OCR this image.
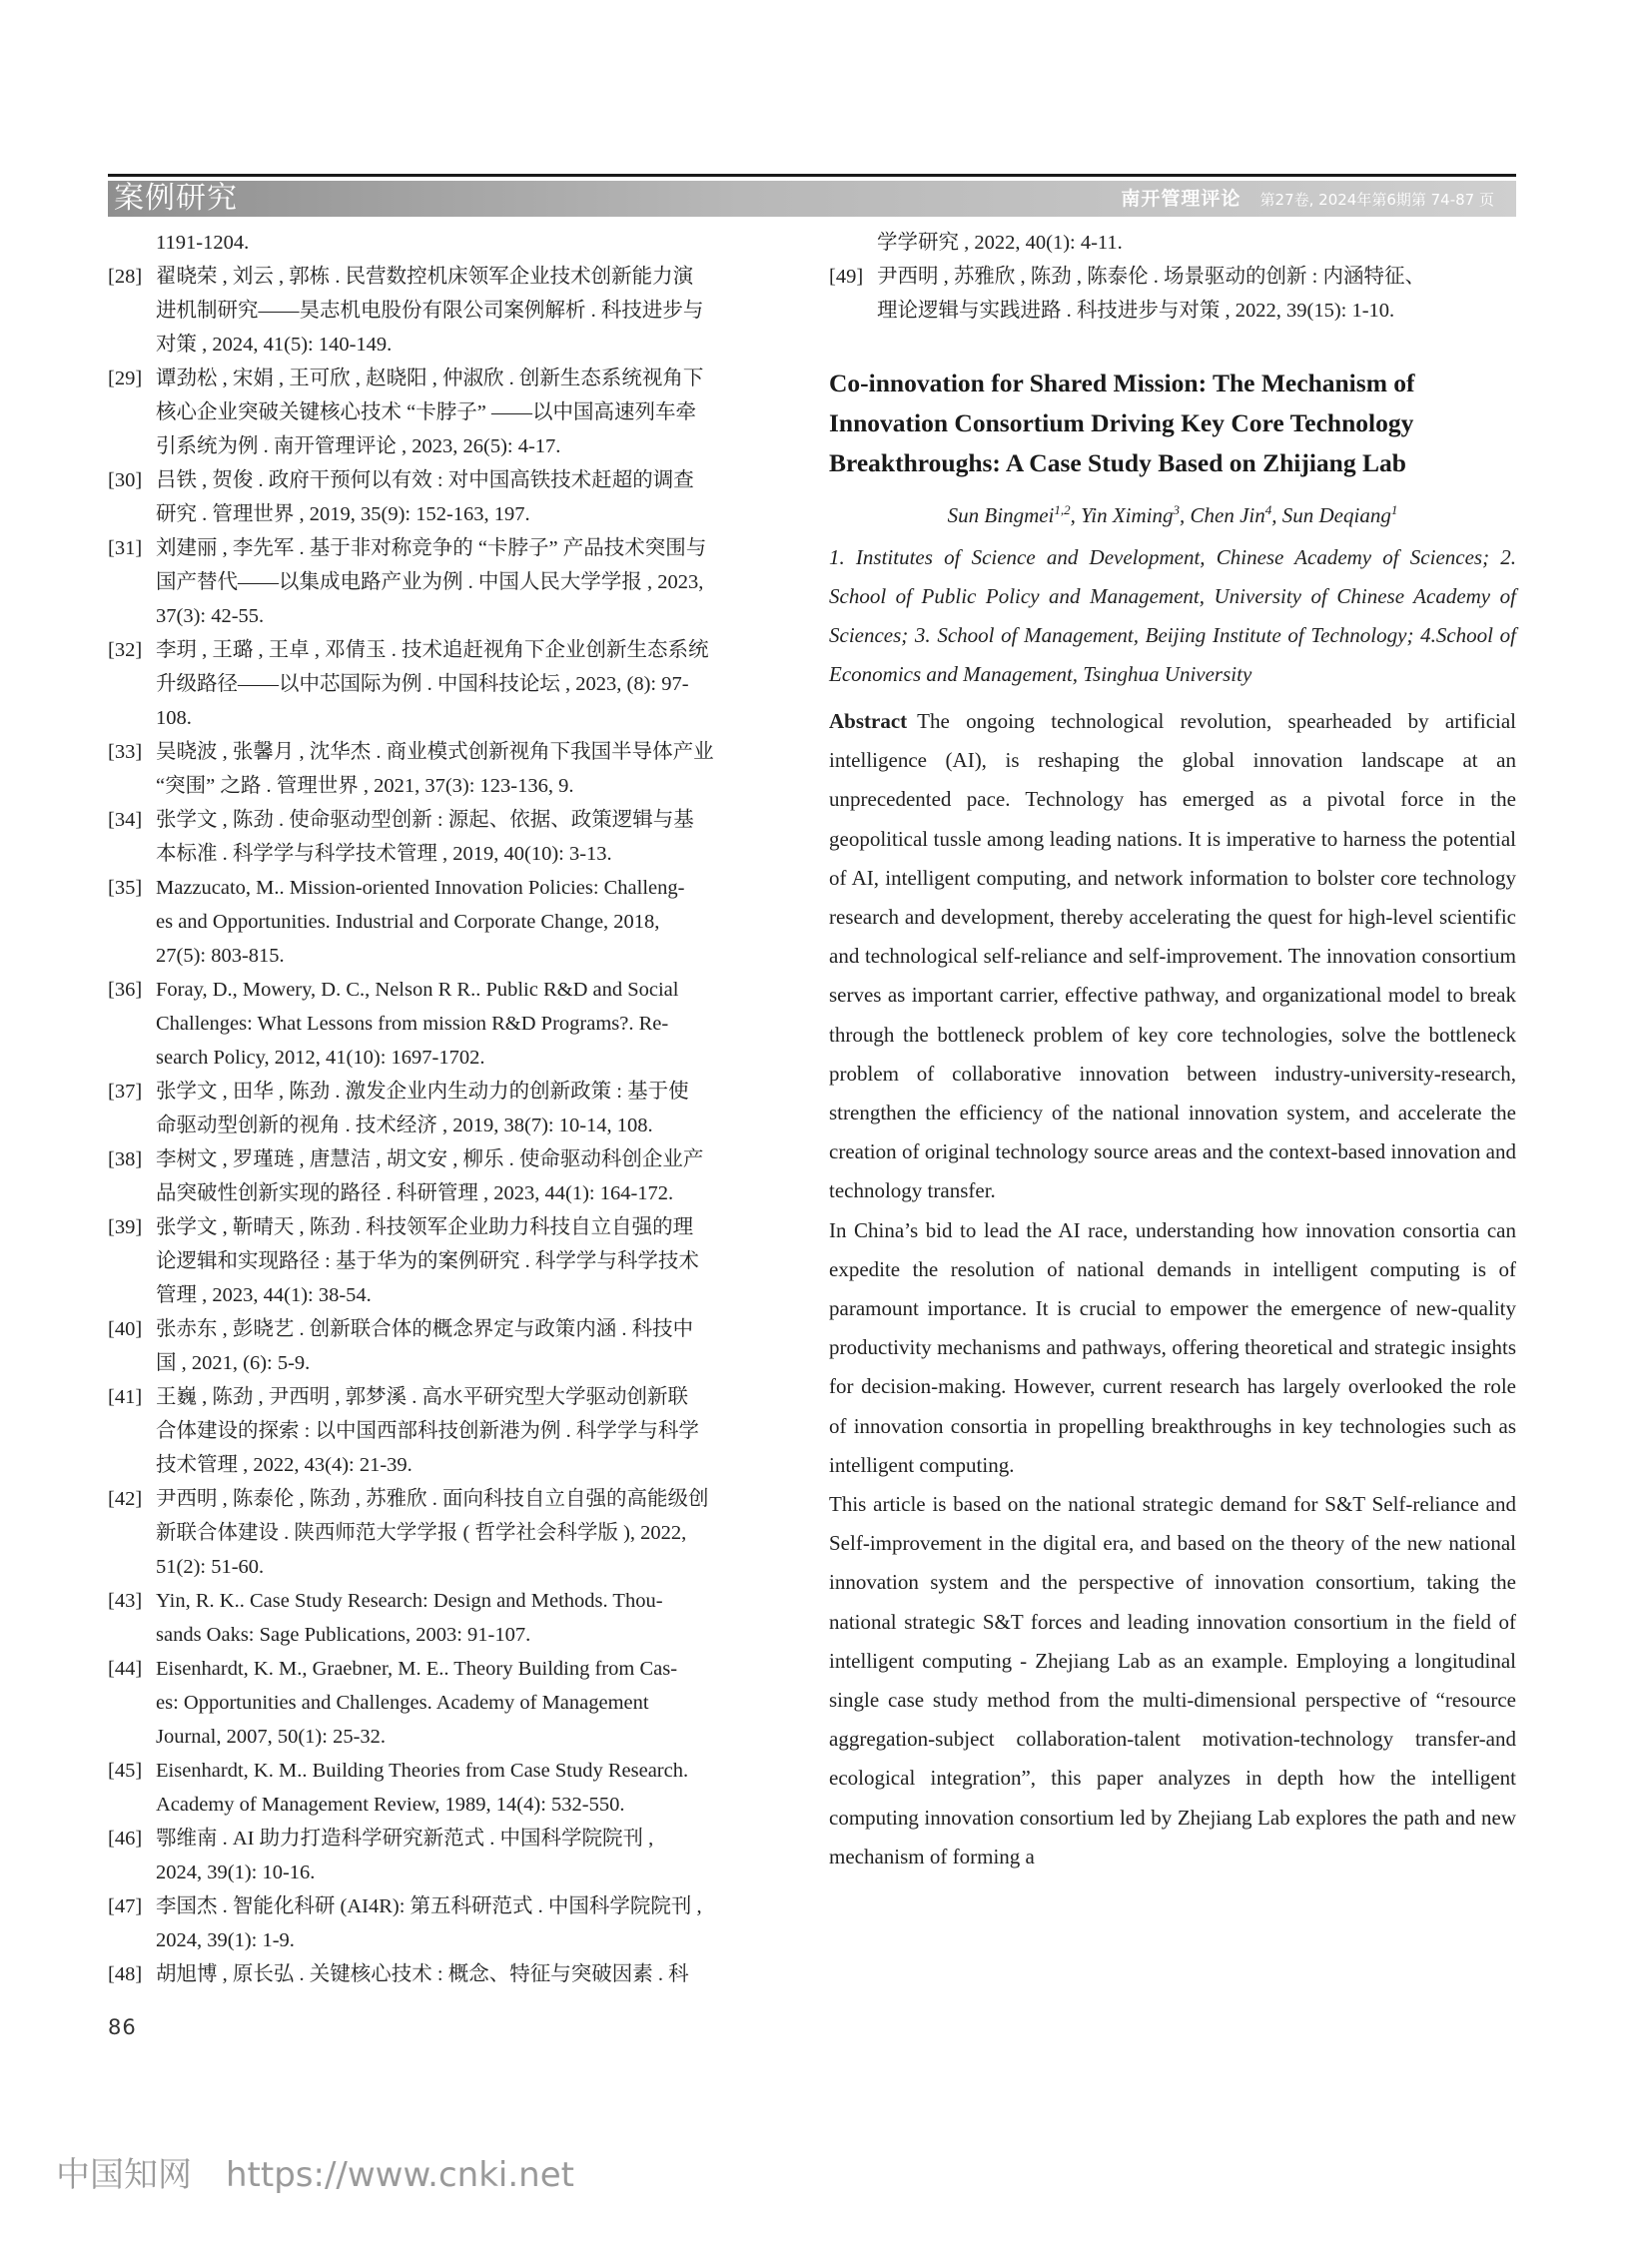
案例研究	南开管理评论 第27卷, 2024年第6期第 74-87 页
1191-1204.
[28] 翟晓荣 , 刘云 , 郭栋 . 民营数控机床领军企业技术创新能力演
进机制研究——昊志机电股份有限公司案例解析 . 科技进步与
对策 , 2024, 41(5): 140-149.
[29] 谭劲松 , 宋娟 , 王可欣 , 赵晓阳 , 仲淑欣 . 创新生态系统视角下
核心企业突破关键核心技术 “卡脖子” ——以中国高速列车牵
引系统为例 . 南开管理评论 , 2023, 26(5): 4-17.
[30] 吕铁 , 贺俊 . 政府干预何以有效 : 对中国高铁技术赶超的调查
研究 . 管理世界 , 2019, 35(9): 152-163, 197.
[31] 刘建丽 , 李先军 . 基于非对称竞争的 “卡脖子” 产品技术突围与
国产替代——以集成电路产业为例 . 中国人民大学学报 , 2023,
37(3): 42-55.
[32] 李玥 , 王璐 , 王卓 , 邓倩玉 . 技术追赶视角下企业创新生态系统
升级路径——以中芯国际为例 . 中国科技论坛 , 2023, (8): 97-
108.
[33] 吴晓波 , 张馨月 , 沈华杰 . 商业模式创新视角下我国半导体产业
“突围” 之路 . 管理世界 , 2021, 37(3): 123-136, 9.
[34] 张学文 , 陈劲 . 使命驱动型创新 : 源起、依据、政策逻辑与基
本标准 . 科学学与科学技术管理 , 2019, 40(10): 3-13.
[35] Mazzucato, M.. Mission-oriented Innovation Policies: Challeng-
es and Opportunities. Industrial and Corporate Change, 2018,
27(5): 803-815.
[36] Foray, D., Mowery, D. C., Nelson R R.. Public R&D and Social
Challenges: What Lessons from mission R&D Programs?. Re-
search Policy, 2012, 41(10): 1697-1702.
[37] 张学文 , 田华 , 陈劲 . 激发企业内生动力的创新政策 : 基于使
命驱动型创新的视角 . 技术经济 , 2019, 38(7): 10-14, 108.
[38] 李树文 , 罗瑾琏 , 唐慧洁 , 胡文安 , 柳乐 . 使命驱动科创企业产
品突破性创新实现的路径 . 科研管理 , 2023, 44(1): 164-172.
[39] 张学文 , 靳晴天 , 陈劲 . 科技领军企业助力科技自立自强的理
论逻辑和实现路径 : 基于华为的案例研究 . 科学学与科学技术
管理 , 2023, 44(1): 38-54.
[40] 张赤东 , 彭晓艺 . 创新联合体的概念界定与政策内涵 . 科技中
国 , 2021, (6): 5-9.
[41] 王巍 , 陈劲 , 尹西明 , 郭梦溪 . 高水平研究型大学驱动创新联
合体建设的探索 : 以中国西部科技创新港为例 . 科学学与科学
技术管理 , 2022, 43(4): 21-39.
[42] 尹西明 , 陈泰伦 , 陈劲 , 苏雅欣 . 面向科技自立自强的高能级创
新联合体建设 . 陕西师范大学学报 ( 哲学社会科学版 ), 2022,
51(2): 51-60.
[43] Yin, R. K.. Case Study Research: Design and Methods. Thou-
sands Oaks: Sage Publications, 2003: 91-107.
[44] Eisenhardt, K. M., Graebner, M. E.. Theory Building from Cas-
es: Opportunities and Challenges. Academy of Management
Journal, 2007, 50(1): 25-32.
[45] Eisenhardt, K. M.. Building Theories from Case Study Research.
Academy of Management Review, 1989, 14(4): 532-550.
[46] 鄂维南 . AI 助力打造科学研究新范式 . 中国科学院院刊 ,
2024, 39(1): 10-16.
[47] 李国杰 . 智能化科研 (AI4R): 第五科研范式 . 中国科学院院刊 ,
2024, 39(1): 1-9.
[48] 胡旭博 , 原长弘 . 关键核心技术 : 概念、特征与突破因素 . 科
学学研究 , 2022, 40(1): 4-11.
[49] 尹西明 , 苏雅欣 , 陈劲 , 陈泰伦 . 场景驱动的创新 : 内涵特征、
理论逻辑与实践进路 . 科技进步与对策 , 2022, 39(15): 1-10.
Co-innovation for Shared Mission: The Mechanism of Innovation Consortium Driving Key Core Technology Breakthroughs: A Case Study Based on Zhijiang Lab
Sun Bingmei$^{1,2}$, Yin Ximing$^3$, Chen Jin$^4$, Sun Deqiang$^1$
1. Institutes of Science and Development, Chinese Academy of Sciences; 2. School of Public Policy and Management, University of Chinese Academy of Sciences; 3. School of Management, Beijing Institute of Technology; 4.School of Economics and Management, Tsinghua University

Abstract The ongoing technological revolution, spearheaded by artificial intelligence (AI), is reshaping the global innovation landscape at an unprecedented pace. Technology has emerged as a pivotal force in the geopolitical tussle among leading nations. It is imperative to harness the potential of AI, intelligent computing, and network information to bolster core technology research and development, thereby accelerating the quest for high-level scientific and technological self-reliance and self-improvement. The innovation consortium serves as important carrier, effective pathway, and organizational model to break through the bottleneck problem of key core technologies, solve the bottleneck problem of collaborative innovation between industry-university-research, strengthen the efficiency of the national innovation system, and accelerate the creation of original technology source areas and the context-based innovation and technology transfer.

In China’s bid to lead the AI race, understanding how innovation consortia can expedite the resolution of national demands in intelligent computing is of paramount importance. It is crucial to empower the emergence of new-quality productivity mechanisms and pathways, offering theoretical and strategic insights for decision-making. However, current research has largely overlooked the role of innovation consortia in propelling breakthroughs in key technologies such as intelligent computing.

This article is based on the national strategic demand for S&T Self-reliance and Self-improvement in the digital era, and based on the theory of the new national innovation system and the perspective of innovation consortium, taking the national strategic S&T forces and leading innovation consortium in the field of intelligent computing - Zhejiang Lab as an example. Employing a longitudinal single case study method from the multi-dimensional perspective of “resource aggregation-subject collaboration-talent motivation-technology transfer-and ecological integration”, this paper analyzes in depth how the intelligent computing innovation consortium led by Zhejiang Lab explores the path and new mechanism of forming a

86
中国知网 https://www.cnki.net
